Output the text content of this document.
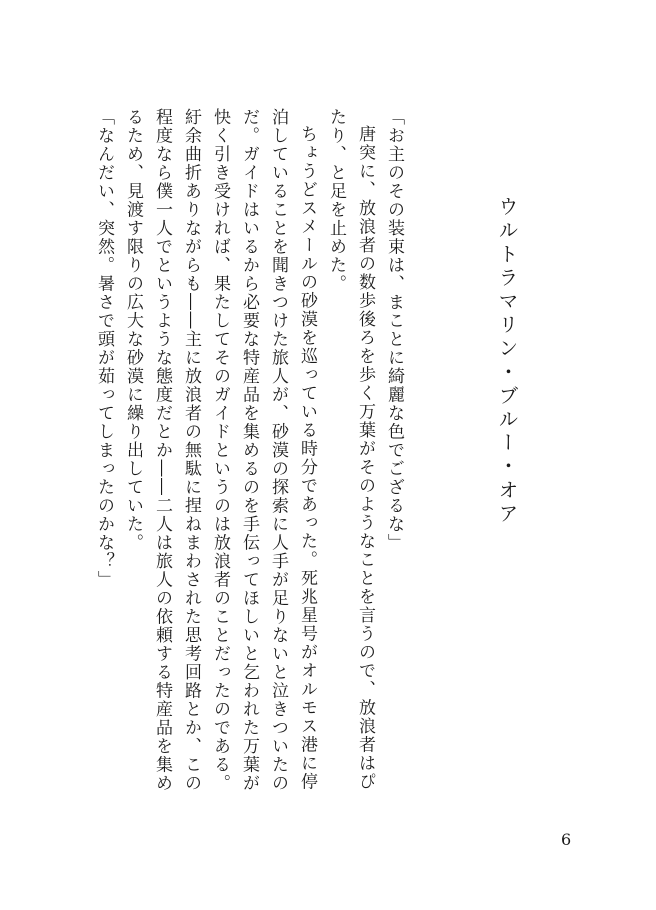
ウルトラマリン・ブルー・オア

「お主のその装束は、まことに綺麗な色でござるな」

唐突に、放浪者の数歩後ろを歩く万葉がそのようなことを言うので、放浪者はぴたり、と足を止めた。

ちょうどスメールの砂漠を巡っている時分であった。死兆星号がオルモス港に停泊していることを聞きつけた旅人が、砂漠の探索に人手が足りないと泣きついたのだ。ガイドはいるから必要な特産品を集めるのを手伝ってほしいと乞われた万葉が快く引き受ければ、果たしてそのガイドというのは放浪者のことだったのである。紆余曲折ありながらも――主に放浪者の無駄に捏ねまわされた思考回路とか、この程度なら僕一人でというような態度だとか――二人は旅人の依頼する特産品を集めるため、見渡す限りの広大な砂漠に繰り出していた。

「なんだい、突然。暑さで頭が茹ってしまったのかな？」

6
